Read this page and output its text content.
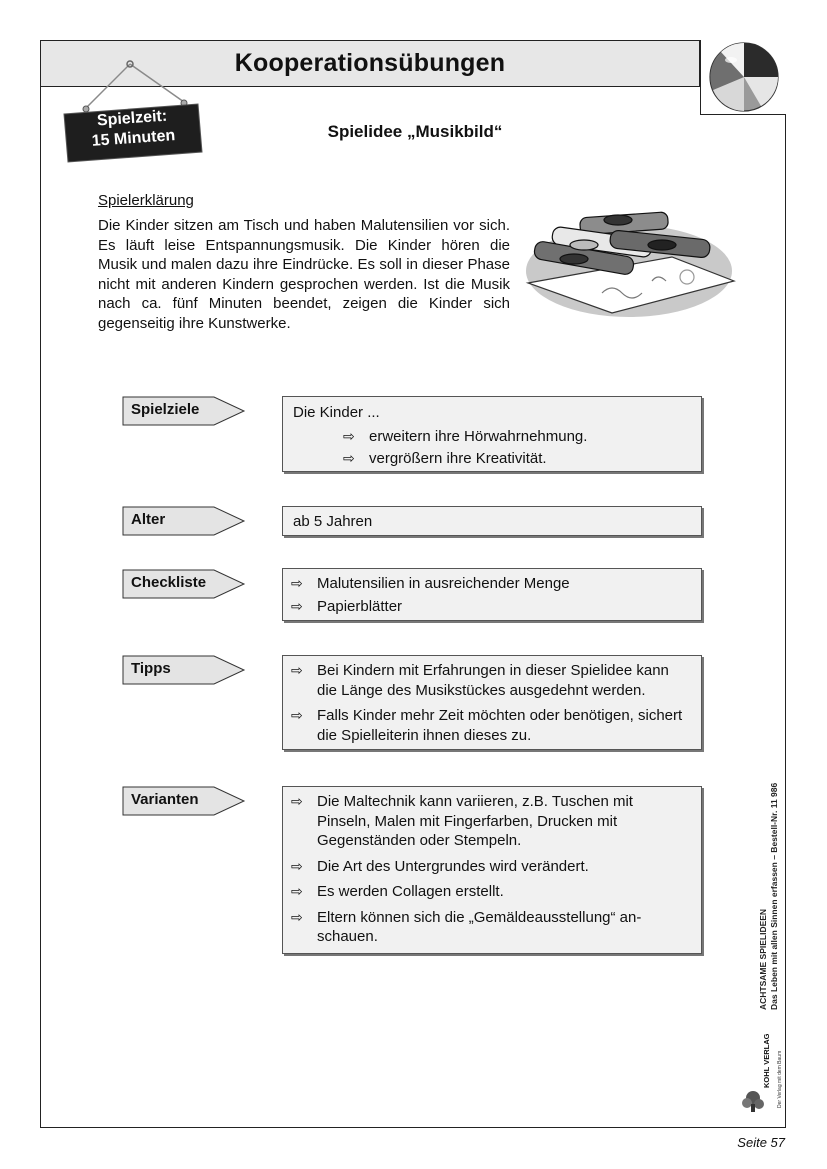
Kooperationsübungen
Spielzeit:
15 Minuten	Spielidee „Musikbild“
Spielerklärung

Die Kinder sitzen am Tisch und haben Malutensilien vor sich. Es läuft leise Entspannungsmusik. Die Kinder hören die Musik und malen dazu ihre Eindrücke. Es soll in dieser Phase nicht mit anderen Kindern gesprochen werden. Ist die Musik nach ca. fünf Minuten beendet, zeigen die Kinder sich gegenseitig ihre Kunstwerke.

Spielziele	Die Kinder ...
⇨ erweitern ihre Hörwahrnehmung.
⇨ vergrößern ihre Kreativität.
Alter	ab 5 Jahren
Checkliste	⇨ Malutensilien in ausreichender Menge
⇨ Papierblätter
Tipps	⇨ Bei Kindern mit Erfahrungen in dieser Spielidee kann die Länge des Musikstückes ausgedehnt werden.
⇨ Falls Kinder mehr Zeit möchten oder benötigen, sichert die Spielleiterin ihnen dieses zu.
Varianten	⇨ Die Maltechnik kann variieren, z.B. Tuschen mit Pinseln, Malen mit Fingerfarben, Drucken mit Gegenständen oder Stempeln.
⇨ Die Art des Untergrundes wird verändert.
⇨ Es werden Collagen erstellt.
⇨ Eltern können sich die „Gemäldeausstellung“ an-schauen.	ACHTSAME SPIELIDEEN Das Leben mit allen Sinnen erfassen – Bestell-Nr. 11 986
KOHL VERLAG Der Verlag mit dem Baum
Seite 57
